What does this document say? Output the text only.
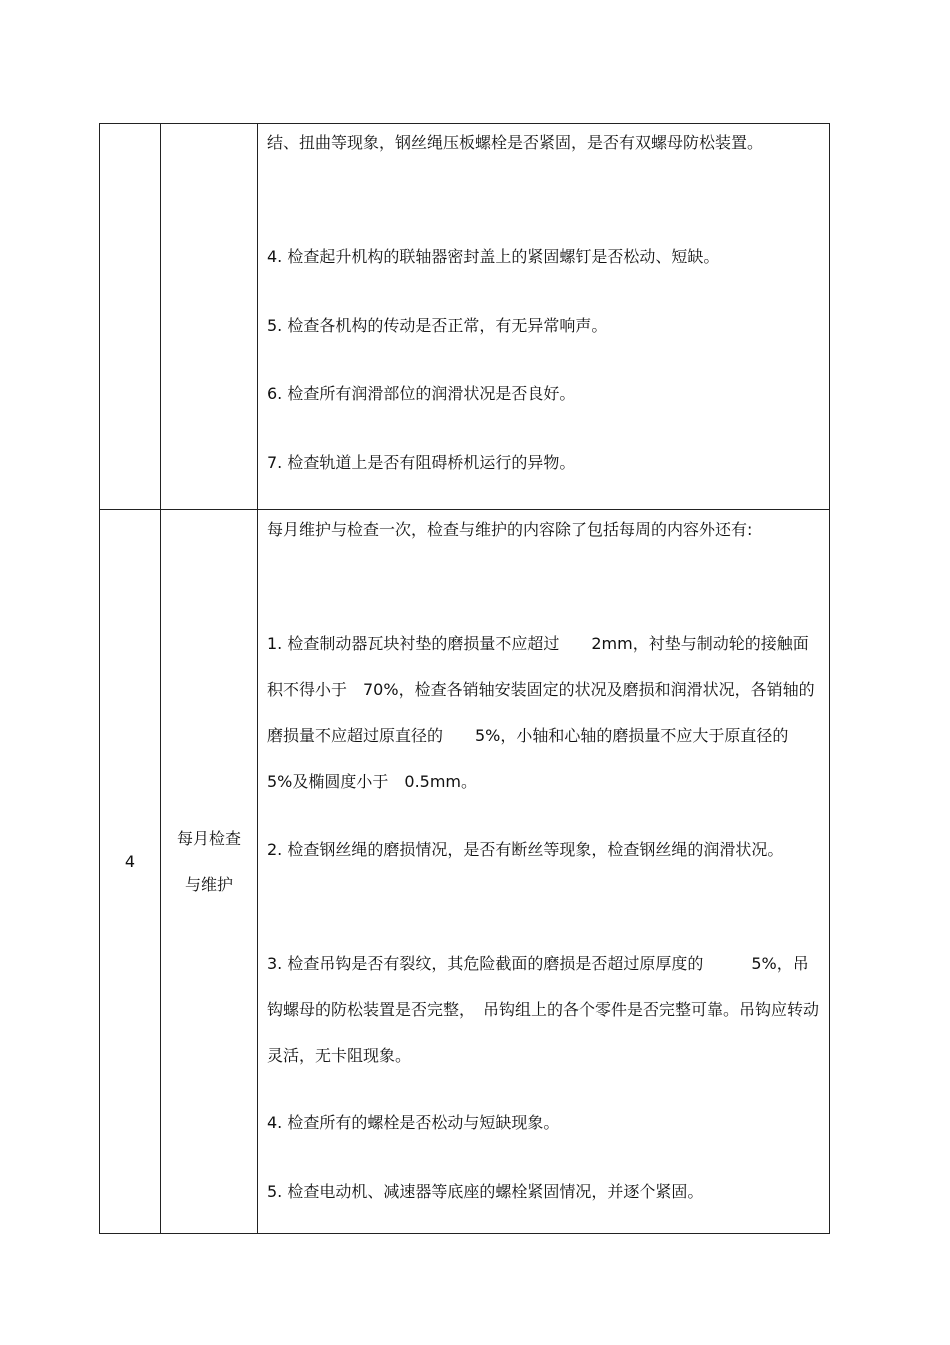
结、扭曲等现象，钢丝绳压板螺栓是否紧固，是否有双螺母防松装置。

4. 检查起升机构的联轴器密封盖上的紧固螺钉是否松动、短缺。

5. 检查各机构的传动是否正常，有无异常响声。

6. 检查所有润滑部位的润滑状况是否良好。

7. 检查轨道上是否有阻碍桥机运行的异物。

4
每月检查
与维护

每月维护与检查一次，检查与维护的内容除了包括每周的内容外还有:

1. 检查制动器瓦块衬垫的磨损量不应超过　　2mm，衬垫与制动轮的接触面积不得小于　70%，检查各销轴安装固定的状况及磨损和润滑状况，各销轴的磨损量不应超过原直径的　　5%，小轴和心轴的磨损量不应大于原直径的　5%及椭圆度小于　0.5mm。

2. 检查钢丝绳的磨损情况，是否有断丝等现象，检查钢丝绳的润滑状况。

3. 检查吊钩是否有裂纹，其危险截面的磨损是否超过原厚度的　　　5%，吊钩螺母的防松装置是否完整，　吊钩组上的各个零件是否完整可靠。吊钩应转动灵活，无卡阻现象。

4. 检查所有的螺栓是否松动与短缺现象。

5. 检查电动机、减速器等底座的螺栓紧固情况，并逐个紧固。
